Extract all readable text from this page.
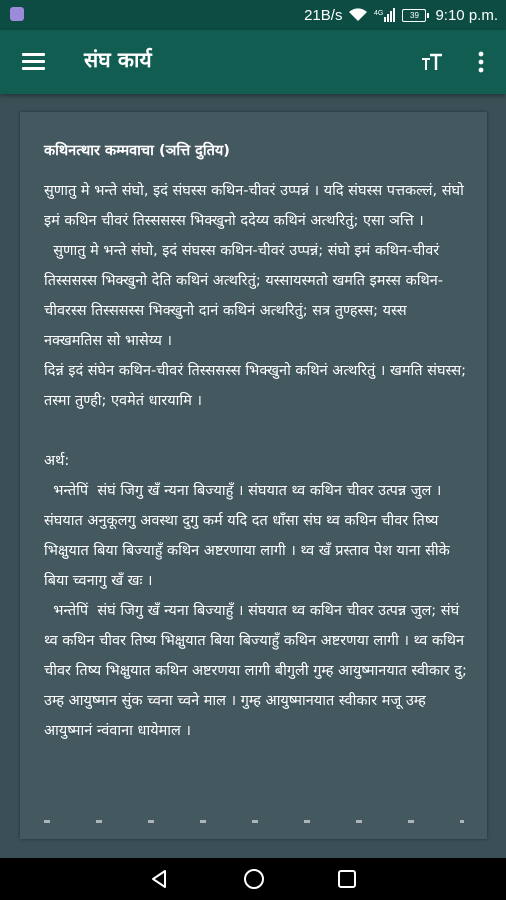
21B/s	4G	39	9:10 p.m.
संघ कार्य
कथिनत्थार कम्मवाचा (ञत्ति दुतिय)
सुणातु मे भन्ते संघो, इदं संघस्स कथिन-चीवरं उप्पन्नं । यदि संघस्स पत्तकल्लं, संघो इमं कथिन चीवरं तिस्ससस्स भिक्खुनो ददेय्य कथिनं अत्थरितुं; एसा ञत्ति ।
सुणातु मे भन्ते संघो, इदं संघस्स कथिन-चीवरं उप्पन्नं; संघो इमं कथिन-चीवरं तिस्ससस्स भिक्खुनो देति कथिनं अत्थरितुं; यस्सायस्मतो खमति इमस्स कथिन-चीवरस्स तिस्ससस्स भिक्खुनो दानं कथिनं अत्थरितुं; सत्र तुण्हस्स; यस्स नक्खमतिस सो भासेय्य ।
दिन्नं इदं संघेन कथिन-चीवरं तिस्ससस्स भिक्खुनो कथिनं अत्थरितुं । खमति संघस्स; तस्मा तुण्ही; एवमेतं धारयामि ।
अर्थ:
भन्तेपिं  संघं जिगु खँ न्यना बिज्याहुँ । संघयात थ्व कथिन चीवर उत्पन्न जुल । संघयात अनुकूलगु अवस्था दुगु कर्म यदि दत धाँसा संघ थ्व कथिन चीवर तिष्य भिक्षुयात बिया बिज्याहुँ कथिन अष्टरणाया लागी । थ्व खँ प्रस्ताव पेश याना सीके बिया च्वनागु खँ खः ।
भन्तेपिं  संघं जिगु खँ न्यना बिज्याहुँ । संघयात थ्व कथिन चीवर उत्पन्न जुल; संघं थ्व कथिन चीवर तिष्य भिक्षुयात बिया बिज्याहुँ कथिन अष्टरणया लागी । थ्व कथिन चीवर तिष्य भिक्षुयात कथिन अष्टरणया लागी बीगुली गुम्ह आयुष्मानयात स्वीकार दु; उम्ह आयुष्मान सुंक च्वना च्वने माल । गुम्ह आयुष्मानयात स्वीकार मजू उम्ह आयुष्मानं न्वंवाना धायेमाल ।
